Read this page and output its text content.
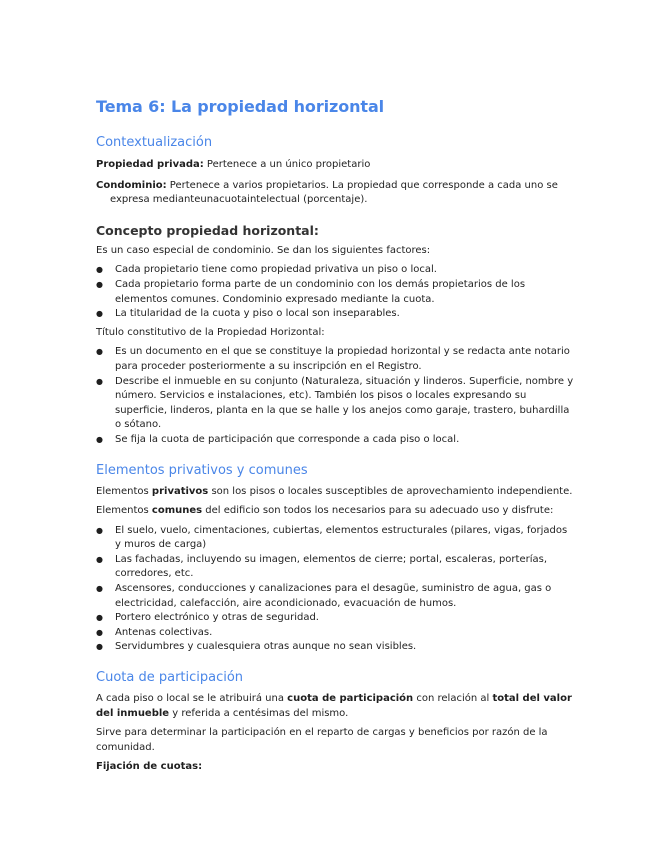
Tema 6: La propiedad horizontal
Contextualización

Propiedad privada: Pertenece a un único propietario

Condominio: Pertenece a varios propietarios. La propiedad que corresponde a cada uno se expresa medianteunacuotaintelectual (porcentaje).

Concepto propiedad horizontal:

Es un caso especial de condominio. Se dan los siguientes factores:

● Cada propietario tiene como propiedad privativa un piso o local.
● Cada propietario forma parte de un condominio con los demás propietarios de los elementos comunes. Condominio expresado mediante la cuota.
● La titularidad de la cuota y piso o local son inseparables.

Título constitutivo de la Propiedad Horizontal:

● Es un documento en el que se constituye la propiedad horizontal y se redacta ante notario para proceder posteriormente a su inscripción en el Registro.
● Describe el inmueble en su conjunto (Naturaleza, situación y linderos. Superficie, nombre y número. Servicios e instalaciones, etc). También los pisos o locales expresando su superficie, linderos, planta en la que se halle y los anejos como garaje, trastero, buhardilla o sótano.
● Se fija la cuota de participación que corresponde a cada piso o local.
Elementos privativos y comunes

Elementos privativos son los pisos o locales susceptibles de aprovechamiento independiente.

Elementos comunes del edificio son todos los necesarios para su adecuado uso y disfrute:

● El suelo, vuelo, cimentaciones, cubiertas, elementos estructurales (pilares, vigas, forjados y muros de carga)
● Las fachadas, incluyendo su imagen, elementos de cierre; portal, escaleras, porterías, corredores, etc.
● Ascensores, conducciones y canalizaciones para el desagüe, suministro de agua, gas o electricidad, calefacción, aire acondicionado, evacuación de humos.
● Portero electrónico y otras de seguridad.
● Antenas colectivas.
● Servidumbres y cualesquiera otras aunque no sean visibles.
Cuota de participación

A cada piso o local se le atribuirá una cuota de participación con relación al total del valor del inmueble y referida a centésimas del mismo.

Sirve para determinar la participación en el reparto de cargas y beneficios por razón de la comunidad.

Fijación de cuotas:
